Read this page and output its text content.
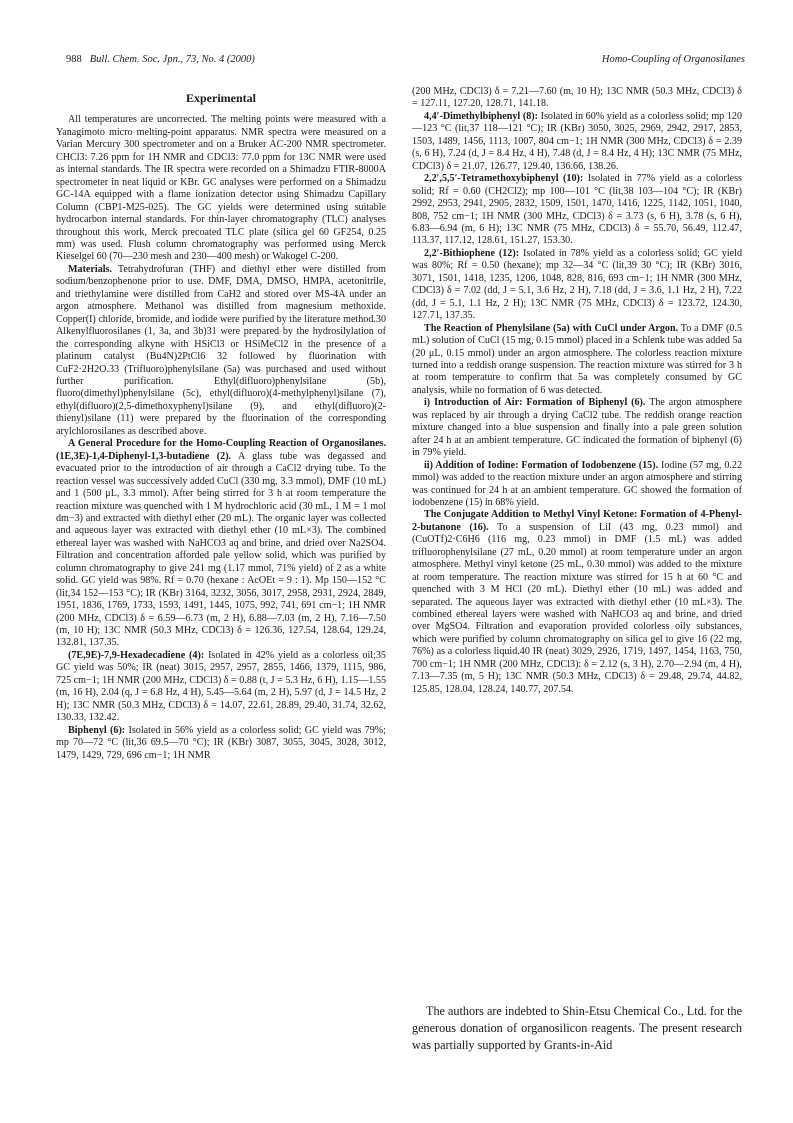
988 Bull. Chem. Soc. Jpn., 73, No. 4 (2000)	Homo-Coupling of Organosilanes
Experimental

All temperatures are uncorrected. The melting points were measured with a Yanagimoto micro melting-point apparatus. NMR spectra were measured on a Varian Mercury 300 spectrometer and on a Bruker AC-200 NMR spectrometer. CHCl3: 7.26 ppm for 1H NMR and CDCl3: 77.0 ppm for 13C NMR were used as internal standards. The IR spectra were recorded on a Shimadzu FTIR-8000A spectrometer in neat liquid or KBr. GC analyses were performed on a Shimadzu GC-14A equipped with a flame ionization detector using Shimadzu Capillary Column (CBP1-M25-025). The GC yields were determined using suitable hydrocarbon internal standards. For thin-layer chromatography (TLC) analyses throughout this work, Merck precoated TLC plate (silica gel 60 GF254, 0.25 mm) was used. Flush column chromatography was performed using Merck Kieselgel 60 (70—230 mesh and 230—400 mesh) or Wakogel C-200.

Materials. Tetrahydrofuran (THF) and diethyl ether were distilled from sodium/benzophenone prior to use. DMF, DMA, DMSO, HMPA, acetonitrile, and triethylamine were distilled from CaH2 and stored over MS-4A under an argon atmosphere. Methanol was distilled from magnesium methoxide. Copper(I) chloride, bromide, and iodide were purified by the literature method.30 Alkenylfluorosilanes (1, 3a, and 3b)31 were prepared by the hydrosilylation of the corresponding alkyne with HSiCl3 or HSiMeCl2 in the presence of a platinum catalyst (Bu4N)2PtCl6 32 followed by fluorination with CuF2·2H2O.33 (Trifluoro)phenylsilane (5a) was purchased and used without further purification. Ethyl(difluoro)phenylsilane (5b), fluoro(dimethyl)phenylsilane (5c), ethyl(difluoro)(4-methylphenyl)silane (7), ethyl(difluoro)(2,5-dimethoxyphenyl)silane (9), and ethyl(difluoro)(2-thienyl)silane (11) were prepared by the fluorination of the corresponding arylchlorosilanes as described above.

A General Procedure for the Homo-Coupling Reaction of Organosilanes. (1E,3E)-1,4-Diphenyl-1,3-butadiene (2). A glass tube was degassed and evacuated prior to the introduction of air through a CaCl2 drying tube. To the reaction vessel was successively added CuCl (330 mg, 3.3 mmol), DMF (10 mL) and 1 (500 μL, 3.3 mmol). After being stirred for 3 h at room temperature the reaction mixture was quenched with 1 M hydrochloric acid (30 mL, 1 M = 1 mol dm−3) and extracted with diethyl ether (20 mL). The organic layer was collected and aqueous layer was extracted with diethyl ether (10 mL×3). The combined ethereal layer was washed with NaHCO3 aq and brine, and dried over Na2SO4. Filtration and concentration afforded pale yellow solid, which was purified by column chromatography to give 241 mg (1.17 mmol, 71% yield) of 2 as a white solid. GC yield was 98%. Rf = 0.70 (hexane : AcOEt = 9 : 1). Mp 150—152 °C (lit,34 152—153 °C); IR (KBr) 3164, 3232, 3056, 3017, 2958, 2931, 2924, 2849, 1951, 1836, 1769, 1733, 1593, 1491, 1445, 1075, 992, 741, 691 cm−1; 1H NMR (200 MHz, CDCl3) δ = 6.59—6.73 (m, 2 H), 6.88—7.03 (m, 2 H), 7.16—7.50 (m, 10 H); 13C NMR (50.3 MHz, CDCl3) δ = 126.36, 127.54, 128.64, 129.24, 132.81, 137.35.

(7E,9E)-7,9-Hexadecadiene (4): Isolated in 42% yield as a colorless oil;35 GC yield was 50%; IR (neat) 3015, 2957, 2957, 2855, 1466, 1379, 1115, 986, 725 cm−1; 1H NMR (200 MHz, CDCl3) δ = 0.88 (t, J = 5.3 Hz, 6 H), 1.15—1.55 (m, 16 H), 2.04 (q, J = 6.8 Hz, 4 H), 5.45—5.64 (m, 2 H), 5.97 (d, J = 14.5 Hz, 2 H); 13C NMR (50.3 MHz, CDCl3) δ = 14.07, 22.61, 28.89, 29.40, 31.74, 32.62, 130.33, 132.42.

Biphenyl (6): Isolated in 56% yield as a colorless solid; GC yield was 79%; mp 70—72 °C (lit,36 69.5—70 °C); IR (KBr) 3087, 3055, 3045, 3028, 3012, 1479, 1429, 729, 696 cm−1; 1H NMR

(200 MHz, CDCl3) δ = 7.21—7.60 (m, 10 H); 13C NMR (50.3 MHz, CDCl3) δ = 127.11, 127.20, 128.71, 141.18.

4,4′-Dimethylbiphenyl (8): Isolated in 60% yield as a colorless solid; mp 120—123 °C (lit,37 118—121 °C); IR (KBr) 3050, 3025, 2969, 2942, 2917, 2853, 1503, 1489, 1456, 1113, 1007, 804 cm−1; 1H NMR (300 MHz, CDCl3) δ = 2.39 (s, 6 H), 7.24 (d, J = 8.4 Hz, 4 H), 7.48 (d, J = 8.4 Hz, 4 H); 13C NMR (75 MHz, CDCl3) δ = 21.07, 126.77, 129.40, 136.66, 138.26.

2,2′,5,5′-Tetramethoxybiphenyl (10): Isolated in 77% yield as a colorless solid; Rf = 0.60 (CH2Cl2); mp 100—101 °C (lit,38 103—104 °C); IR (KBr) 2992, 2953, 2941, 2905, 2832, 1509, 1501, 1470, 1416, 1225, 1142, 1051, 1040, 808, 752 cm−1; 1H NMR (300 MHz, CDCl3) δ = 3.73 (s, 6 H), 3.78 (s, 6 H), 6.83—6.94 (m, 6 H); 13C NMR (75 MHz, CDCl3) δ = 55.70, 56.49, 112.47, 113.37, 117.12, 128.61, 151.27, 153.30.

2,2′-Bithiophene (12): Isolated in 78% yield as a colorless solid; GC yield was 80%; Rf = 0.50 (hexane); mp 32—34 °C (lit,39 30 °C); IR (KBr) 3016, 3071, 1501, 1418, 1235, 1206, 1048, 828, 816, 693 cm−1; 1H NMR (300 MHz, CDCl3) δ = 7.02 (dd, J = 5.1, 3.6 Hz, 2 H), 7.18 (dd, J = 3.6, 1.1 Hz, 2 H), 7.22 (dd, J = 5.1, 1.1 Hz, 2 H); 13C NMR (75 MHz, CDCl3) δ = 123.72, 124.30, 127.71, 137.35.

The Reaction of Phenylsilane (5a) with CuCl under Argon. To a DMF (0.5 mL) solution of CuCl (15 mg, 0.15 mmol) placed in a Schlenk tube was added 5a (20 μL, 0.15 mmol) under an argon atmosphere. The colorless reaction mixture turned into a reddish orange suspension. The reaction mixture was stirred for 3 h at room temperature to confirm that 5a was completely consumed by GC analysis, while no formation of 6 was detected.

i) Introduction of Air: Formation of Biphenyl (6). The argon atmosphere was replaced by air through a drying CaCl2 tube. The reddish orange reaction mixture changed into a blue suspension and finally into a pale green solution after 24 h at an ambient temperature. GC indicated the formation of biphenyl (6) in 79% yield.

ii) Addition of Iodine: Formation of Iodobenzene (15). Iodine (57 mg, 0.22 mmol) was added to the reaction mixture under an argon atmosphere and stirring was continued for 24 h at an ambient temperature. GC showed the formation of iodobenzene (15) in 68% yield.

The Conjugate Addition to Methyl Vinyl Ketone: Formation of 4-Phenyl-2-butanone (16). To a suspension of LiI (43 mg, 0.23 mmol) and (CuOTf)2·C6H6 (116 mg, 0.23 mmol) in DMF (1.5 mL) was added trifluorophenylsilane (27 mL, 0.20 mmol) at room temperature under an argon atmosphere. Methyl vinyl ketone (25 mL, 0.30 mmol) was added to the mixture at room temperature. The reaction mixture was stirred for 15 h at 60 °C and quenched with 3 M HCl (20 mL). Diethyl ether (10 mL) was added and separated. The aqueous layer was extracted with diethyl ether (10 mL×3). The combined ethereal layers were washed with NaHCO3 aq and brine, and dried over MgSO4. Filtration and evaporation provided colorless oily substances, which were purified by column chromatography on silica gel to give 16 (22 mg, 76%) as a colorless liquid.40 IR (neat) 3029, 2926, 1719, 1497, 1454, 1163, 750, 700 cm−1; 1H NMR (200 MHz, CDCl3): δ = 2.12 (s, 3 H), 2.70—2.94 (m, 4 H), 7.13—7.35 (m, 5 H); 13C NMR (50.3 MHz, CDCl3) δ = 29.48, 29.74, 44.82, 125.85, 128.04, 128.24, 140.77, 207.54.

The authors are indebted to Shin-Etsu Chemical Co., Ltd. for the generous donation of organosilicon reagents. The present research was partially supported by Grants-in-Aid
